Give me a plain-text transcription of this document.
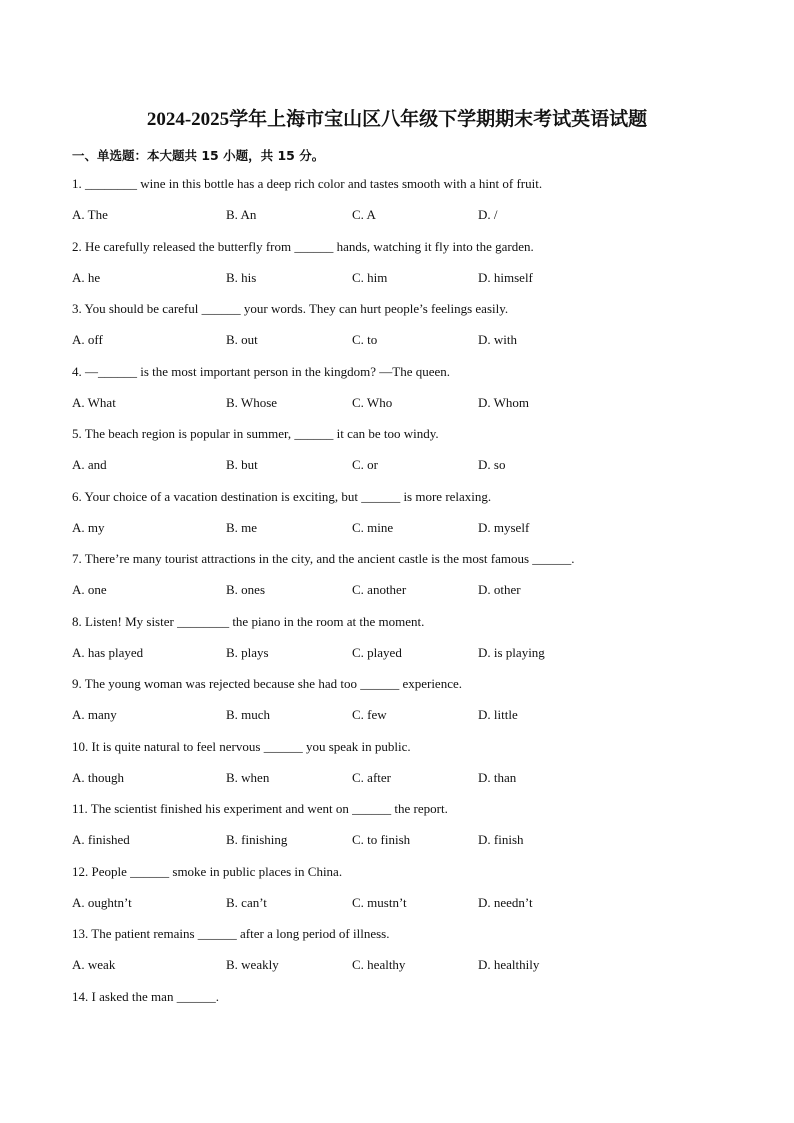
2024-2025学年上海市宝山区八年级下学期期末考试英语试题
一、单选题：本大题共 15 小题，共 15 分。
1. ________ wine in this bottle has a deep rich color and tastes smooth with a hint of fruit.
A. The	B. An	C. A	D. /
2. He carefully released the butterfly from ______ hands, watching it fly into the garden.
A. he	B. his	C. him	D. himself
3. You should be careful ______ your words. They can hurt people’s feelings easily.
A. off	B. out	C. to	D. with
4. —______ is the most important person in the kingdom? —The queen.
A. What	B. Whose	C. Who	D. Whom
5. The beach region is popular in summer, ______ it can be too windy.
A. and	B. but	C. or	D. so
6. Your choice of a vacation destination is exciting, but ______ is more relaxing.
A. my	B. me	C. mine	D. myself
7. There’re many tourist attractions in the city, and the ancient castle is the most famous ______.
A. one	B. ones	C. another	D. other
8. Listen! My sister ________ the piano in the room at the moment.
A. has played	B. plays	C. played	D. is playing
9. The young woman was rejected because she had too ______ experience.
A. many	B. much	C. few	D. little
10. It is quite natural to feel nervous ______ you speak in public.
A. though	B. when	C. after	D. than
11. The scientist finished his experiment and went on ______ the report.
A. finished	B. finishing	C. to finish	D. finish
12. People ______ smoke in public places in China.
A. oughtn’t	B. can’t	C. mustn’t	D. needn’t
13. The patient remains ______ after a long period of illness.
A. weak	B. weakly	C. healthy	D. healthily
14. I asked the man ______.
